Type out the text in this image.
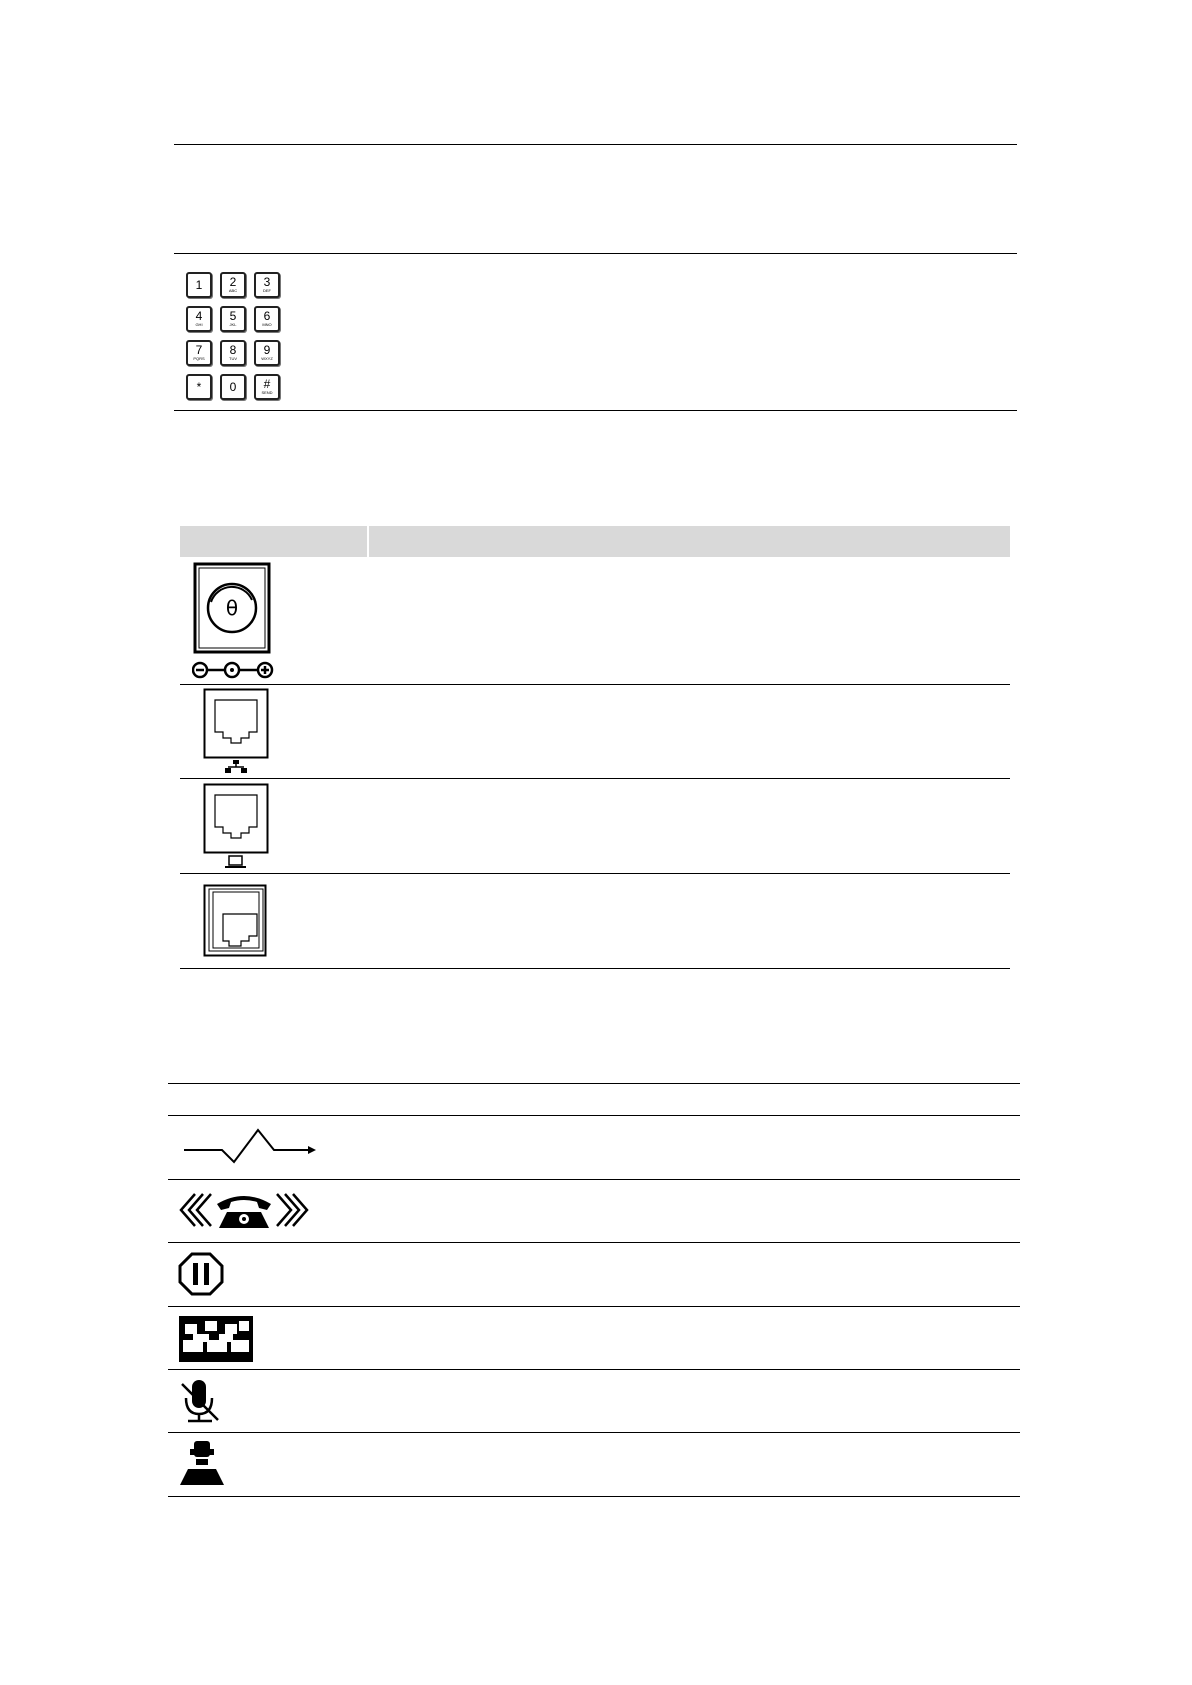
1 2
ABC
3
DEF
4
GHI
5
JKL
6
MNO
7
PQRS
8
TUV
9
WXYZ
* 0 #
SEND
θ
